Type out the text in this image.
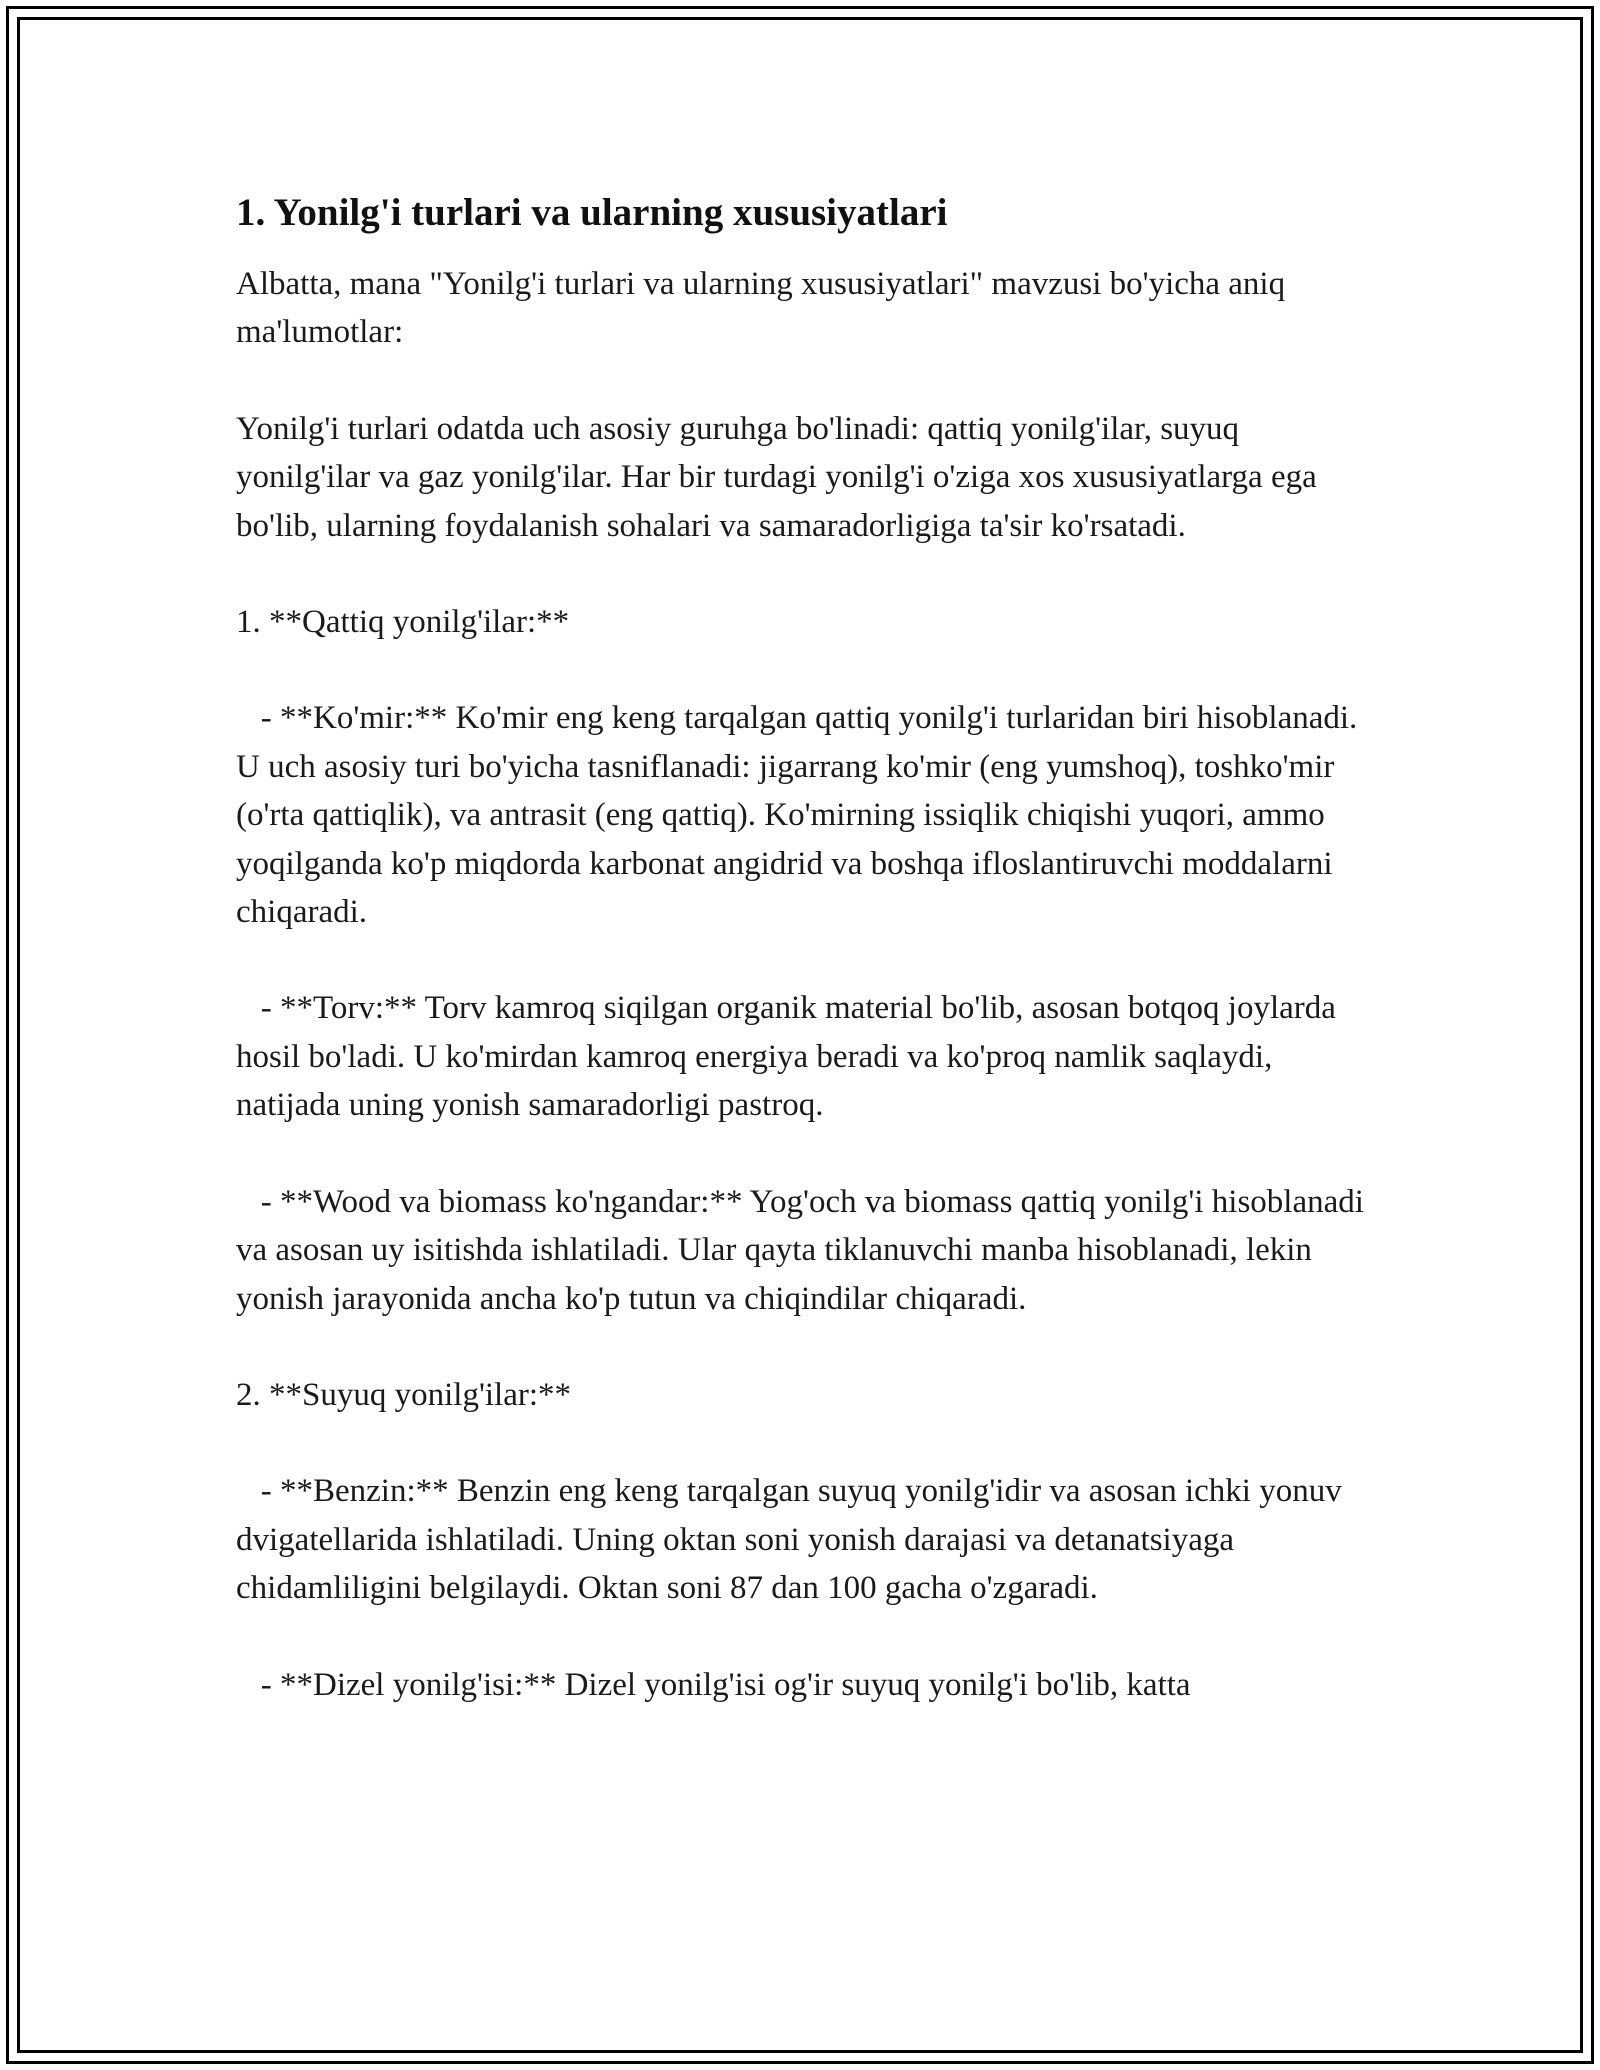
1. Yonilg'i turlari va ularning xususiyatlari

Albatta, mana "Yonilg'i turlari va ularning xususiyatlari" mavzusi bo'yicha aniq ma'lumotlar:

Yonilg'i turlari odatda uch asosiy guruhga bo'linadi: qattiq yonilg'ilar, suyuq yonilg'ilar va gaz yonilg'ilar. Har bir turdagi yonilg'i o'ziga xos xususiyatlarga ega bo'lib, ularning foydalanish sohalari va samaradorligiga ta'sir ko'rsatadi.

1. **Qattiq yonilg'ilar:**

- **Ko'mir:** Ko'mir eng keng tarqalgan qattiq yonilg'i turlaridan biri hisoblanadi. U uch asosiy turi bo'yicha tasniflanadi: jigarrang ko'mir (eng yumshoq), toshko'mir (o'rta qattiqlik), va antrasit (eng qattiq). Ko'mirning issiqlik chiqishi yuqori, ammo yoqilganda ko'p miqdorda karbonat angidrid va boshqa ifloslantiruvchi moddalarni chiqaradi.

- **Torv:** Torv kamroq siqilgan organik material bo'lib, asosan botqoq joylarda hosil bo'ladi. U ko'mirdan kamroq energiya beradi va ko'proq namlik saqlaydi, natijada uning yonish samaradorligi pastroq.

- **Wood va biomass ko'ngandar:** Yog'och va biomass qattiq yonilg'i hisoblanadi va asosan uy isitishda ishlatiladi. Ular qayta tiklanuvchi manba hisoblanadi, lekin yonish jarayonida ancha ko'p tutun va chiqindilar chiqaradi.

2. **Suyuq yonilg'ilar:**

- **Benzin:** Benzin eng keng tarqalgan suyuq yonilg'idir va asosan ichki yonuv dvigatellarida ishlatiladi. Uning oktan soni yonish darajasi va detanatsiyaga chidamliligini belgilaydi. Oktan soni 87 dan 100 gacha o'zgaradi.

- **Dizel yonilg'isi:** Dizel yonilg'isi og'ir suyuq yonilg'i bo'lib, katta
